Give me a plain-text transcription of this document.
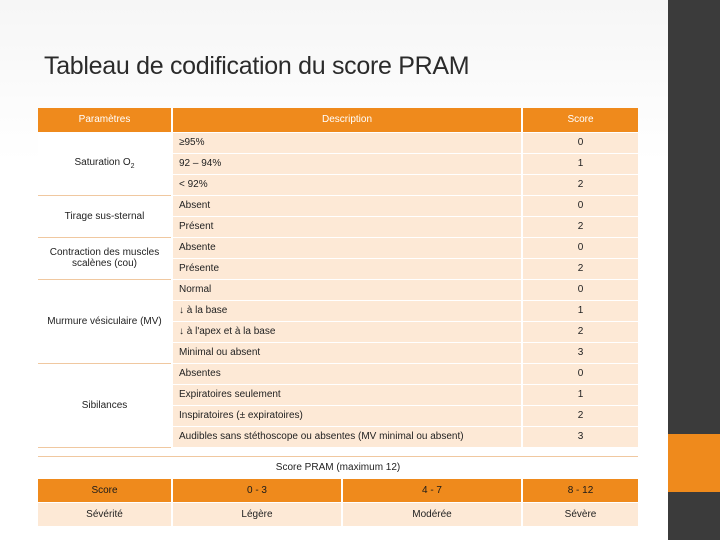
Tableau de codification du score PRAM
Paramètres	Description	Score
Saturation $O_2$	≥95%	0
	92 – 94%	1
	< 92%	2
Tirage sus-sternal	Absent	0
	Présent	2
Contraction des muscles scalènes (cou)	Absente	0
	Présente	2
Murmure vésiculaire (MV)	Normal	0
	↓ à la base	1
	↓ à l'apex et à la base	2
	Minimal ou absent	3
Sibilances	Absentes	0
	Expiratoires seulement	1
	Inspiratoires (± expiratoires)	2
	Audibles sans stéthoscope ou absentes (MV minimal ou absent)	3
Score PRAM (maximum 12)			
Score	0 - 3	4 - 7	8 - 12
Sévérité	Légère	Modérée	Sévère
